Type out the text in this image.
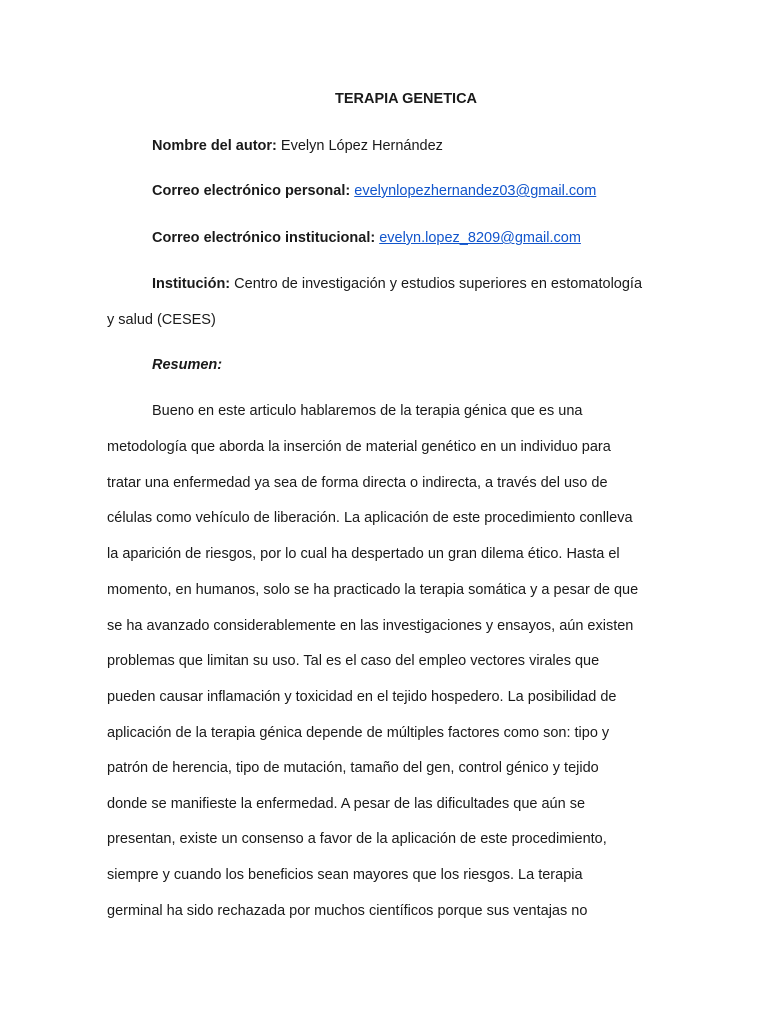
TERAPIA GENETICA
Nombre del autor: Evelyn López Hernández
Correo electrónico personal: evelynlopezhernandez03@gmail.com
Correo electrónico institucional: evelyn.lopez_8209@gmail.com
Institución: Centro de investigación y estudios superiores en estomatología
y salud (CESES)
Resumen:
Bueno en este articulo hablaremos de la terapia génica que es una
metodología que aborda la inserción de material genético en un individuo para
tratar una enfermedad ya sea de forma directa o indirecta, a través del uso de
células como vehículo de liberación. La aplicación de este procedimiento conlleva
la aparición de riesgos, por lo cual ha despertado un gran dilema ético. Hasta el
momento, en humanos, solo se ha practicado la terapia somática y a pesar de que
se ha avanzado considerablemente en las investigaciones y ensayos, aún existen
problemas que limitan su uso. Tal es el caso del empleo vectores virales que
pueden causar inflamación y toxicidad en el tejido hospedero. La posibilidad de
aplicación de la terapia génica depende de múltiples factores como son: tipo y
patrón de herencia, tipo de mutación, tamaño del gen, control génico y tejido
donde se manifieste la enfermedad. A pesar de las dificultades que aún se
presentan, existe un consenso a favor de la aplicación de este procedimiento,
siempre y cuando los beneficios sean mayores que los riesgos. La terapia
germinal ha sido rechazada por muchos científicos porque sus ventajas no
